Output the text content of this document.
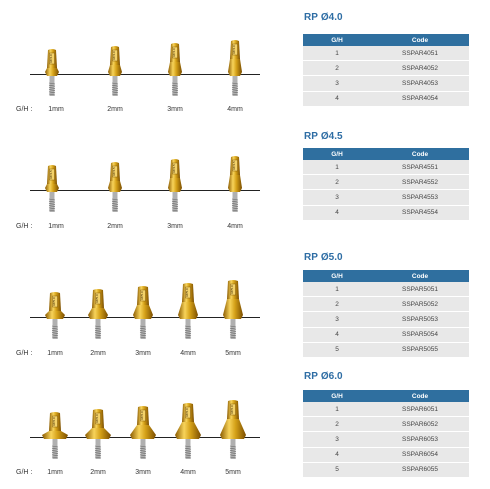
RP4.0	RP4.0	RP4.0	RP4.0
G/H :	1mm	2mm	3mm	4mm
RP Ø4.0
G/H	Code
1	SSPAR4051
2	SSPAR4052
3	SSPAR4053
4	SSPAR4054
RP4.5	RP4.5	RP4.5	RP4.5
G/H :	1mm	2mm	3mm	4mm
RP Ø4.5
G/H	Code
1	SSPAR4551
2	SSPAR4552
3	SSPAR4553
4	SSPAR4554
RP5.0	RP5.0	RP5.0	RP5.0	RP5.0
G/H :	1mm	2mm	3mm	4mm	5mm
RP Ø5.0
G/H	Code
1	SSPAR5051
2	SSPAR5052
3	SSPAR5053
4	SSPAR5054
5	SSPAR5055
RP6.0	RP6.0	RP6.0	RP6.0	RP6.0
G/H :	1mm	2mm	3mm	4mm	5mm
RP Ø6.0
G/H	Code
1	SSPAR6051
2	SSPAR6052
3	SSPAR6053
4	SSPAR6054
5	SSPAR6055
